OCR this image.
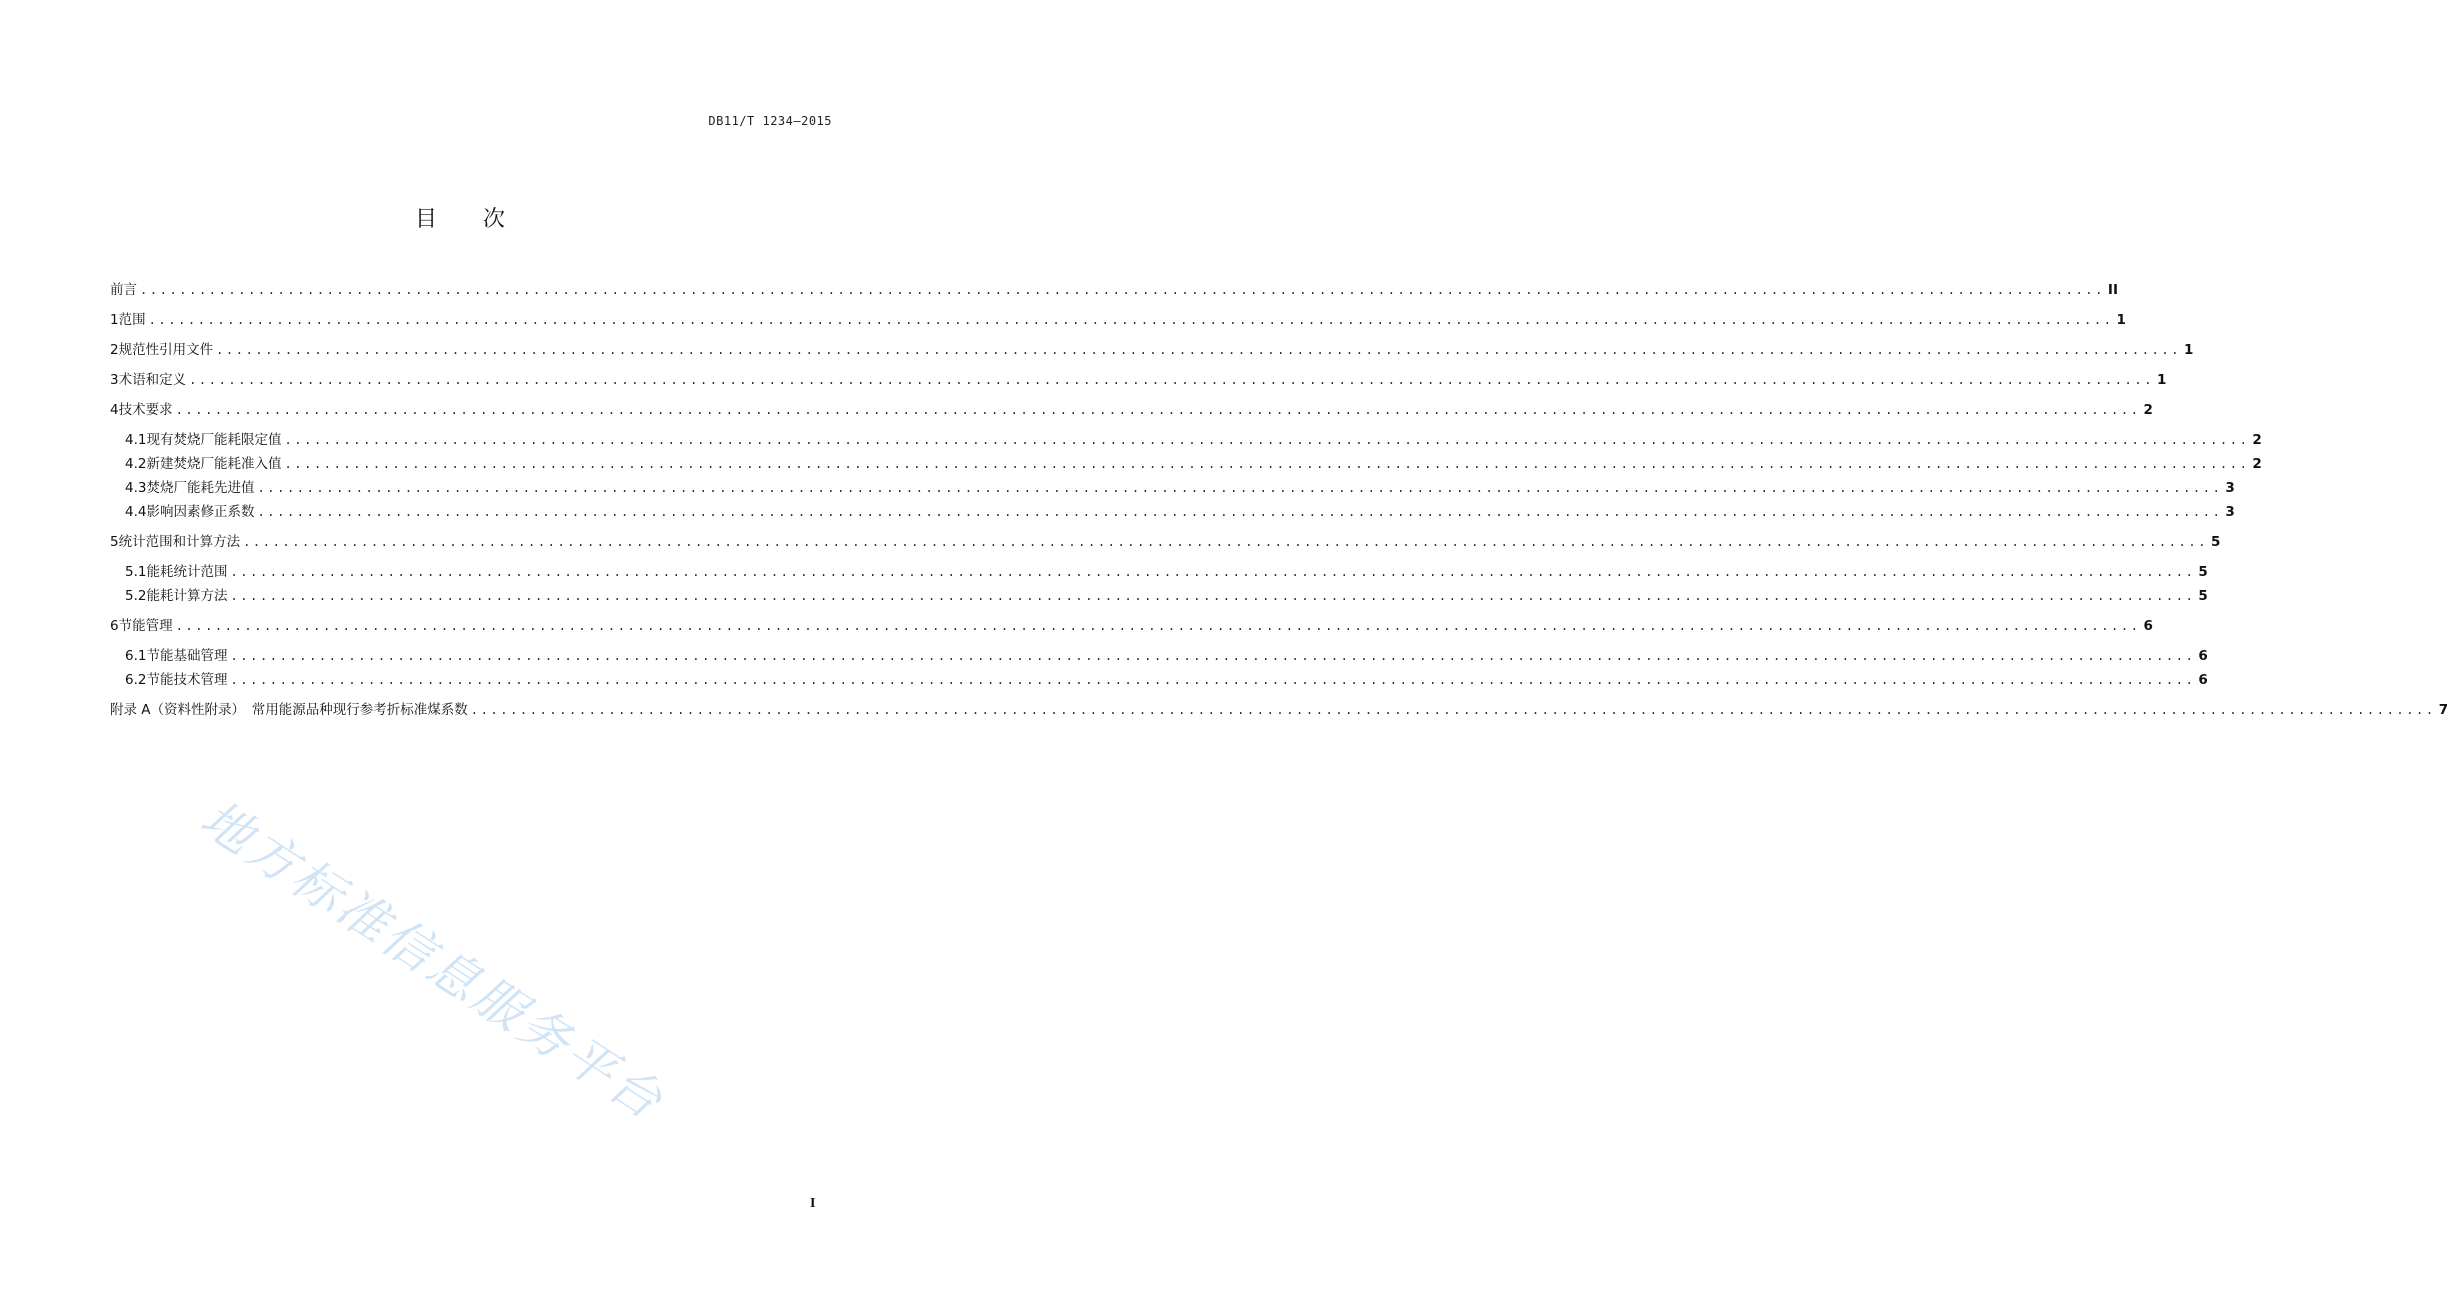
DB11/T 1234—2015
目次
前言 ........................................................................................................................................................................................................ II
1 范围 ........................................................................................................................................................................................................ 1
2 规范性引用文件 ........................................................................................................................................................................................................ 1
3 术语和定义 ........................................................................................................................................................................................................ 1
4 技术要求 ........................................................................................................................................................................................................ 2
4.1 现有焚烧厂能耗限定值 ........................................................................................................................................................................................................ 2
4.2 新建焚烧厂能耗准入值 ........................................................................................................................................................................................................ 2
4.3 焚烧厂能耗先进值 ........................................................................................................................................................................................................ 3
4.4 影响因素修正系数 ........................................................................................................................................................................................................ 3
5 统计范围和计算方法 ........................................................................................................................................................................................................ 5
5.1 能耗统计范围 ........................................................................................................................................................................................................ 5
5.2 能耗计算方法 ........................................................................................................................................................................................................ 5
6 节能管理 ........................................................................................................................................................................................................ 6
6.1 节能基础管理 ........................................................................................................................................................................................................ 6
6.2 节能技术管理 ........................................................................................................................................................................................................ 6
附录 A（资料性附录）　常用能源品种现行参考折标准煤系数 ........................................................................................................................................................................................................ 7
地方标准信息服务平台
I
